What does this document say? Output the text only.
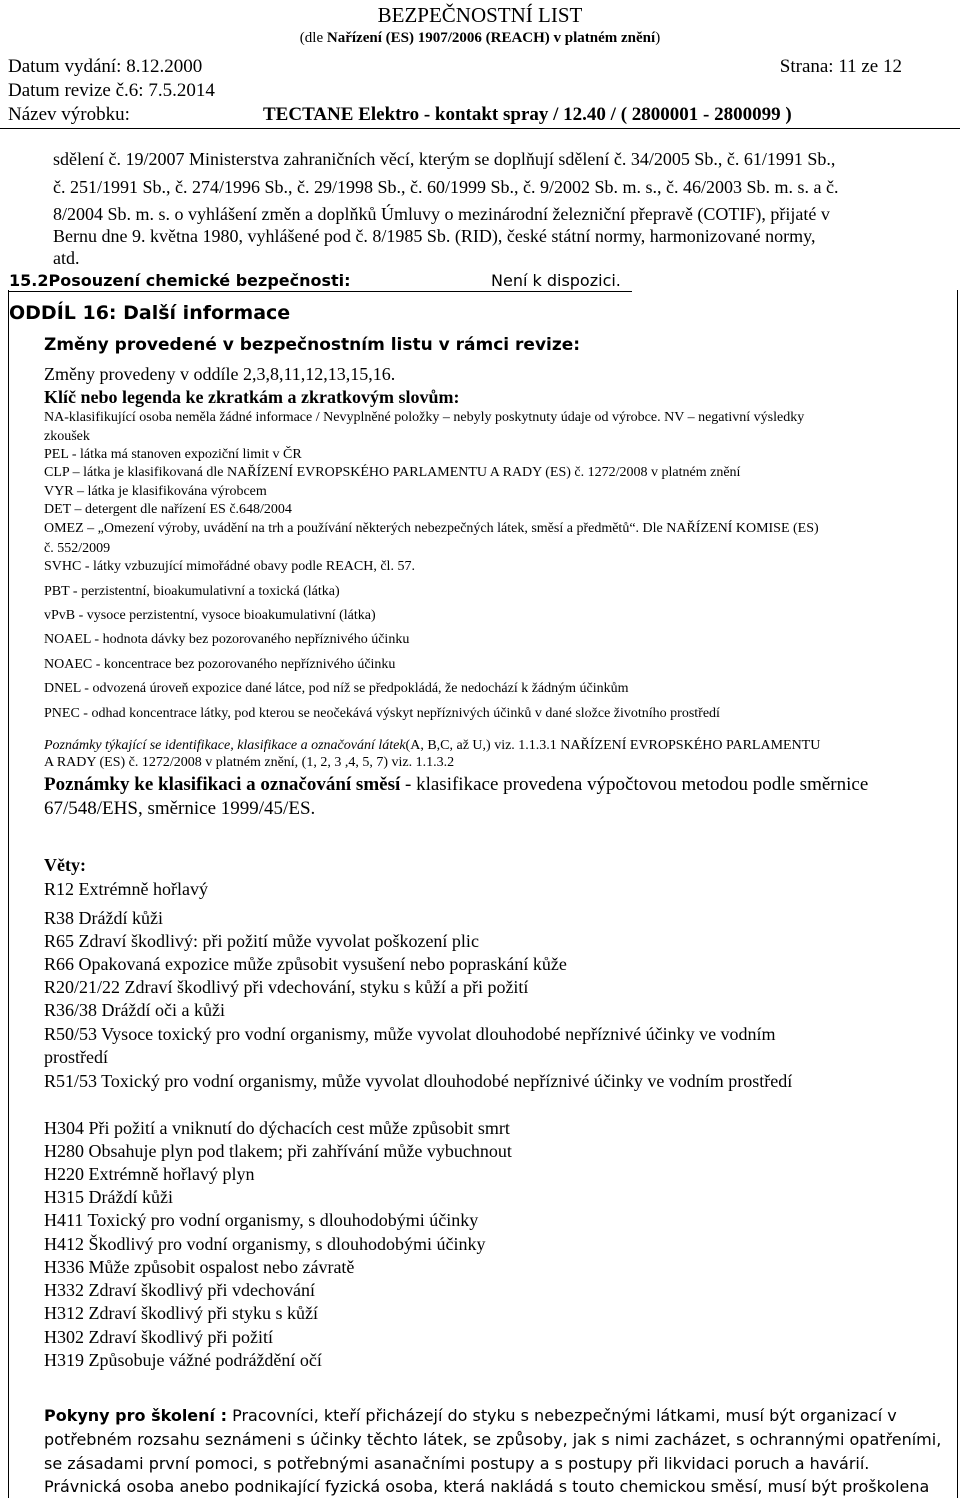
BEZPEČNOSTNÍ LIST
(dle Nařízení (ES) 1907/2006 (REACH) v platném znění)
Datum vydání: 8.12.2000	Strana: 11 ze 12
Datum revize č.6: 7.5.2014
Název výrobku:	TECTANE Elektro - kontakt spray / 12.40 / ( 2800001 - 2800099 )
sdělení č. 19/2007 Ministerstva zahraničních věcí, kterým se doplňují sdělení č. 34/2005 Sb., č. 61/1991 Sb.,
č. 251/1991 Sb., č. 274/1996 Sb., č. 29/1998 Sb., č. 60/1999 Sb., č. 9/2002 Sb. m. s., č. 46/2003 Sb. m. s. a č.
8/2004 Sb. m. s. o vyhlášení změn a doplňků Úmluvy o mezinárodní železniční přepravě (COTIF), přijaté v
Bernu dne 9. května 1980, vyhlášené pod č. 8/1985 Sb. (RID), české státní normy, harmonizované normy,
atd.
15.2Posouzení chemické bezpečnosti:	Není k dispozici.
ODDÍL 16: Další informace
Změny provedené v bezpečnostním listu v rámci revize:
Změny provedeny v oddíle 2,3,8,11,12,13,15,16.
Klíč nebo legenda ke zkratkám a zkratkovým slovům:
NA-klasifikující osoba neměla žádné informace / Nevyplněné položky – nebyly poskytnuty údaje od výrobce. NV – negativní výsledky
zkoušek
PEL - látka má stanoven expoziční limit v ČR
CLP – látka je klasifikovaná dle NAŘÍZENÍ EVROPSKÉHO PARLAMENTU A RADY (ES) č. 1272/2008 v platném znění
VYR – látka je klasifikována výrobcem
DET – detergent dle nařízení ES č.648/2004
OMEZ – „Omezení výroby, uvádění na trh a používání některých nebezpečných látek, směsí a předmětů“. Dle NAŘÍZENÍ KOMISE (ES)
č. 552/2009
SVHC - látky vzbuzující mimořádné obavy podle REACH, čl. 57.
PBT - perzistentní, bioakumulativní a toxická (látka)
vPvB - vysoce perzistentní, vysoce bioakumulativní (látka)
NOAEL - hodnota dávky bez pozorovaného nepříznivého účinku
NOAEC - koncentrace bez pozorovaného nepříznivého účinku
DNEL - odvozená úroveň expozice dané látce, pod níž se předpokládá, že nedochází k žádným účinkům
PNEC - odhad koncentrace látky, pod kterou se neočekává výskyt nepříznivých účinků v dané složce životního prostředí
Poznámky týkající se identifikace, klasifikace a označování látek(A, B,C, až U,) viz. 1.1.3.1 NAŘÍZENÍ EVROPSKÉHO PARLAMENTU
A RADY (ES) č. 1272/2008 v platném znění, (1, 2, 3 ,4, 5, 7) viz. 1.1.3.2
Poznámky ke klasifikaci a označování směsí - klasifikace provedena výpočtovou metodou podle směrnice
67/548/EHS, směrnice 1999/45/ES.
Věty:
R12 Extrémně hořlavý
R38 Dráždí kůži
R65 Zdraví škodlivý: při požití může vyvolat poškození plic
R66 Opakovaná expozice může způsobit vysušení nebo popraskání kůže
R20/21/22 Zdraví škodlivý při vdechování, styku s kůží a při požití
R36/38 Dráždí oči a kůži
R50/53 Vysoce toxický pro vodní organismy, může vyvolat dlouhodobé nepříznivé účinky ve vodním
prostředí
R51/53 Toxický pro vodní organismy, může vyvolat dlouhodobé nepříznivé účinky ve vodním prostředí
H304 Při požití a vniknutí do dýchacích cest může způsobit smrt
H280 Obsahuje plyn pod tlakem; při zahřívání může vybuchnout
H220 Extrémně hořlavý plyn
H315 Dráždí kůži
H411 Toxický pro vodní organismy, s dlouhodobými účinky
H412 Škodlivý pro vodní organismy, s dlouhodobými účinky
H336 Může způsobit ospalost nebo závratě
H332 Zdraví škodlivý při vdechování
H312 Zdraví škodlivý při styku s kůží
H302 Zdraví škodlivý při požití
H319 Způsobuje vážné podráždění očí
Pokyny pro školení : Pracovníci, kteří přicházejí do styku s nebezpečnými látkami, musí být organizací v
potřebném rozsahu seznámeni s účinky těchto látek, se způsoby, jak s nimi zacházet, s ochrannými opatřeními,
se zásadami první pomoci, s potřebnými asanačními postupy a s postupy při likvidaci poruch a havárií.
Právnická osoba anebo podnikající fyzická osoba, která nakládá s touto chemickou směsí, musí být proškolena
